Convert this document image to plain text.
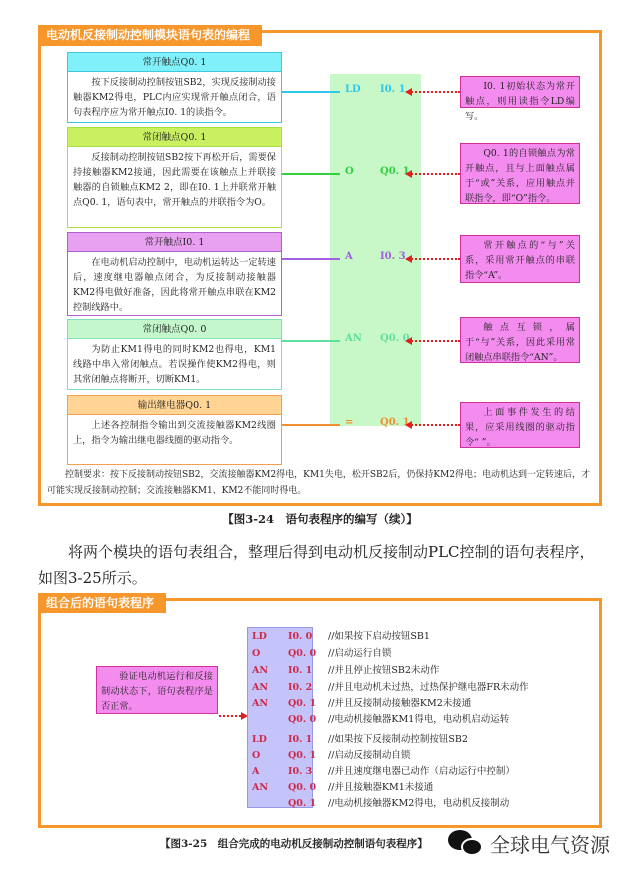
电动机反接制动控制模块语句表的编程
常开触点Q0. 1
按下反接制动控制按钮SB2，实现反接制动接触器KM2得电，PLC内应实现常开触点闭合，语句表程序应为常开触点I0. 1的读指令。
常闭触点Q0. 1
反接制动控制按钮SB2按下再松开后，需要保持接触器KM2接通，因此需要在该触点上并联接触器的自锁触点KM2 2，即在I0. 1上并联常开触点Q0. 1，语句表中，常开触点的并联指令为O。
常开触点I0. 1
在电动机启动控制中，电动机运转达一定转速后，速度继电器触点闭合，为反接制动接触器KM2得电做好准备，因此将常开触点串联在KM2控制线路中。
常闭触点Q0. 0
为防止KM1得电的同时KM2也得电，KM1线路中串入常闭触点。若误操作使KM2得电，则其常闭触点将断开，切断KM1。
输出继电器Q0. 1
上述各控制指令输出到交流接触器KM2线圈上，指令为输出继电器线圈的驱动指令。
LD I0. 1
O	Q0. 1
A	I0. 3
AN Q0. 0
=	Q0. 1
I0. 1初始状态为常开触点，则用读指令LD编写。
Q0. 1的自锁触点为常开触点，且与上面触点属于“或”关系，应用触点并联指令，即“O”指令。
常开触点的“与”关系，采用常开触点的串联指令“A”。
触点互锁，属于“与”关系，因此采用常闭触点串联指令“AN”。
上面事件发生的结果，应采用线圈的驱动指令“ ”。
控制要求：按下反接制动按钮SB2，交流接触器KM2得电，KM1失电，松开SB2后，仍保持KM2得电；电动机达到一定转速后，才可能实现反接制动控制；交流接触器KM1、KM2不能同时得电。
【图3-24　语句表程序的编写（续）】
将两个模块的语句表组合，整理后得到电动机反接制动PLC控制的语句表程序，如图3-25所示。
组合后的语句表程序
验证电动机运行和反接制动状态下，语句表程序是否正常。
LD I0. 0 //如果按下启动按钮SB1
O	Q0. 0 //启动运行自锁
AN I0. 1 //并且停止按钮SB2未动作
AN I0. 2 //并且电动机未过热，过热保护继电器FR未动作
AN Q0. 1 //并且反接制动接触器KM2未接通
Q0. 0 //电动机接触器KM1得电，电动机启动运转
LD I0. 1 //如果按下反接制动控制按钮SB2
O	Q0. 1 //启动反接制动自锁
A	I0. 3 //并且速度继电器已动作（启动运行中控制）
AN Q0. 0 //并且接触器KM1未接通
Q0. 1 //电动机接触器KM2得电，电动机反接制动
【图3-25　组合完成的电动机反接制动控制语句表程序】	全球电气资源
